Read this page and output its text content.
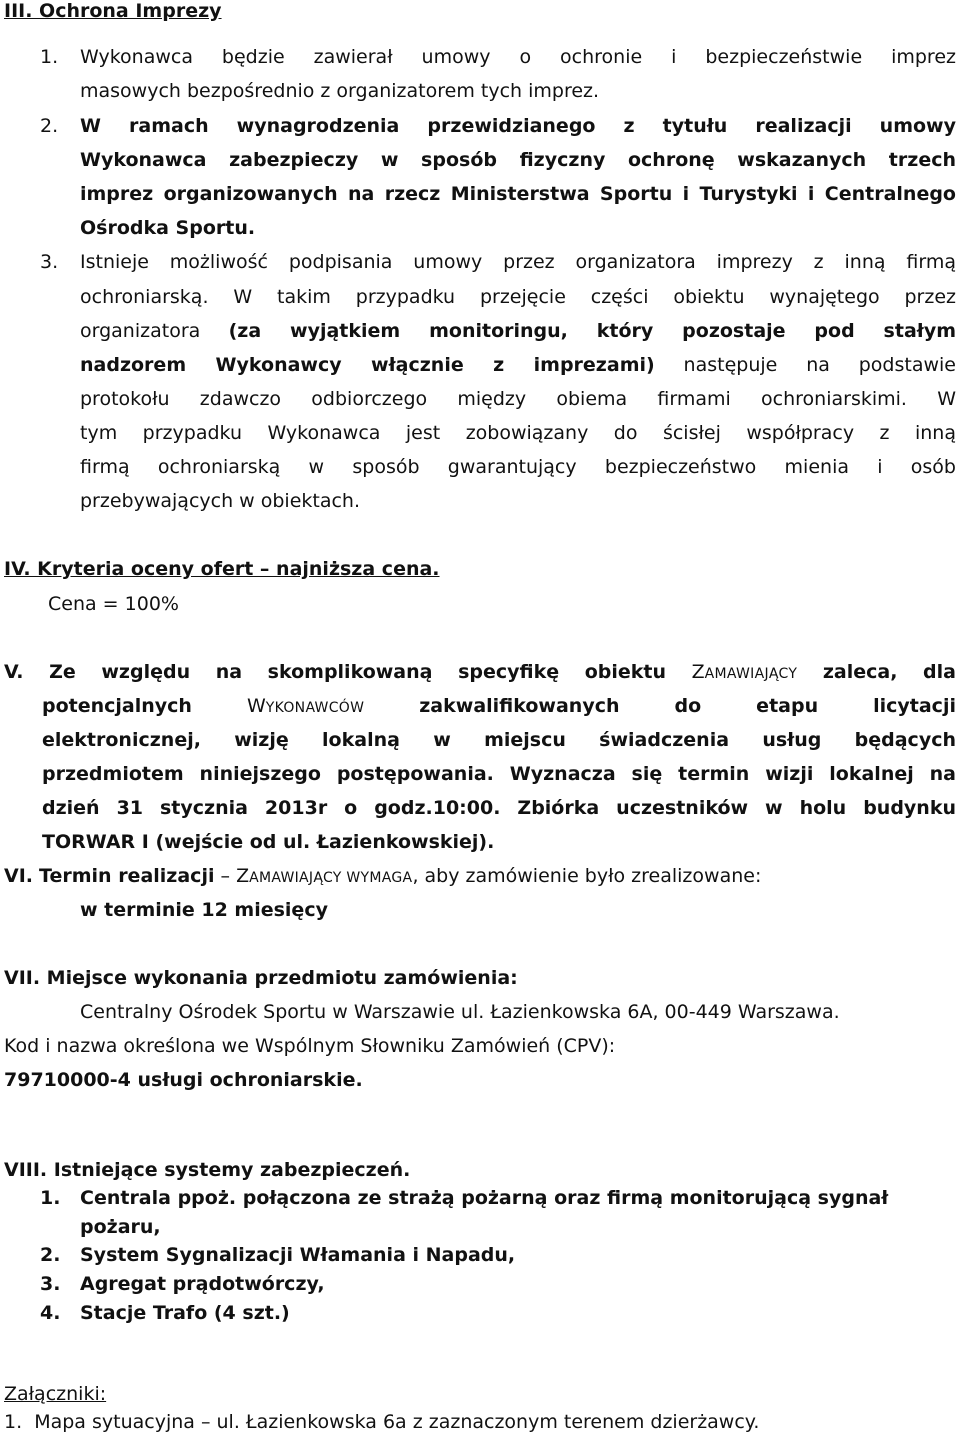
III. Ochrona Imprezy
1. Wykonawca będzie zawierał umowy o ochronie i bezpieczeństwie imprez
masowych bezpośrednio z organizatorem tych imprez.
2. W ramach wynagrodzenia przewidzianego z tytułu realizacji umowy
Wykonawca zabezpieczy w sposób fizyczny ochronę wskazanych trzech
imprez organizowanych na rzecz Ministerstwa Sportu i Turystyki i Centralnego
Ośrodka Sportu.
3. Istnieje możliwość podpisania umowy przez organizatora imprezy z inną firmą
ochroniarską. W takim przypadku przejęcie części obiektu wynajętego przez
organizatora (za wyjątkiem monitoringu, który pozostaje pod stałym
nadzorem Wykonawcy włącznie z imprezami) następuje na podstawie
protokołu zdawczo odbiorczego między obiema firmami ochroniarskimi. W
tym przypadku Wykonawca jest zobowiązany do ścisłej współpracy z inną
firmą ochroniarską w sposób gwarantujący bezpieczeństwo mienia i osób
przebywających w obiektach.
IV. Kryteria oceny ofert – najniższa cena.
Cena = 100%
V. Ze względu na skomplikowaną specyfikę obiektu ZAMAWIAJĄCY zaleca, dla
potencjalnych	WYKONAWCÓW	zakwalifikowanych do etapu licytacji
elektronicznej, wizję lokalną w miejscu świadczenia usług będących
przedmiotem niniejszego postępowania. Wyznacza się termin wizji lokalnej na
dzień 31 stycznia 2013r o godz.10:00. Zbiórka uczestników w holu budynku
TORWAR I (wejście od ul. Łazienkowskiej).
VI. Termin realizacji – ZAMAWIAJĄCY WYMAGA, aby zamówienie było zrealizowane:
w terminie 12 miesięcy
VII. Miejsce wykonania przedmiotu zamówienia:
Centralny Ośrodek Sportu w Warszawie ul. Łazienkowska 6A, 00-449 Warszawa.
Kod i nazwa określona we Wspólnym Słowniku Zamówień (CPV):
79710000-4 usługi ochroniarskie.
VIII. Istniejące systemy zabezpieczeń.
1. Centrala ppoż. połączona ze strażą pożarną oraz firmą monitorującą sygnał
pożaru,
2. System Sygnalizacji Włamania i Napadu,
3. Agregat prądotwórczy,
4. Stacje Trafo (4 szt.)
Załączniki:
1.  Mapa sytuacyjna – ul. Łazienkowska 6a z zaznaczonym terenem dzierżawcy.
